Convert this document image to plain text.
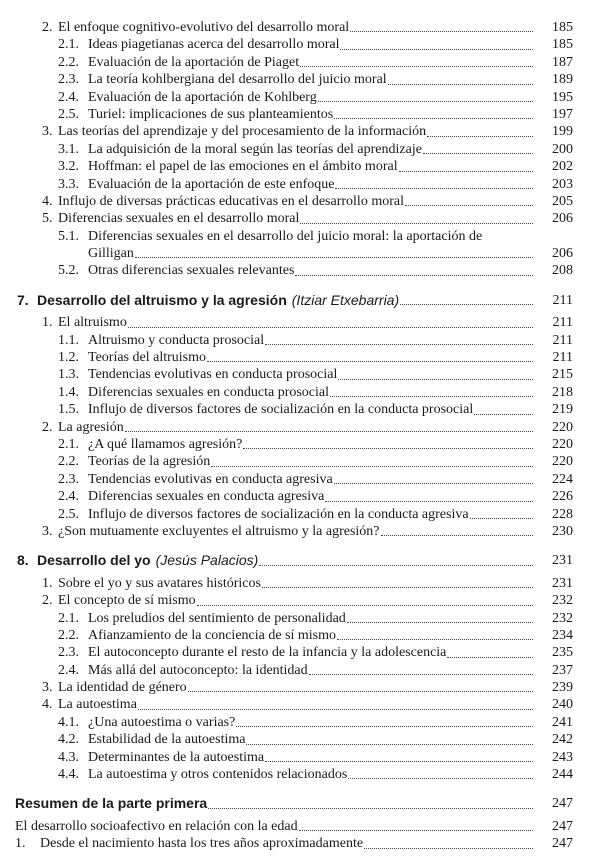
2. El enfoque cognitivo-evolutivo del desarrollo moral	185
2.1. Ideas piagetianas acerca del desarrollo moral	185
2.2. Evaluación de la aportación de Piaget	187
2.3. La teoría kohlbergiana del desarrollo del juicio moral	189
2.4. Evaluación de la aportación de Kohlberg	195
2.5. Turiel: implicaciones de sus planteamientos	197
3. Las teorías del aprendizaje y del procesamiento de la información	199
3.1. La adquisición de la moral según las teorías del aprendizaje	200
3.2. Hoffman: el papel de las emociones en el ámbito moral	202
3.3. Evaluación de la aportación de este enfoque	203
4. Influjo de diversas prácticas educativas en el desarrollo moral	205
5. Diferencias sexuales en el desarrollo moral	206
5.1. Diferencias sexuales en el desarrollo del juicio moral: la aportación de
Gilligan	206
5.2. Otras diferencias sexuales relevantes	208
7. Desarrollo del altruismo y la agresión (Itziar Etxebarria)	211
1. El altruismo	211
1.1. Altruismo y conducta prosocial	211
1.2. Teorías del altruismo	211
1.3. Tendencias evolutivas en conducta prosocial	215
1.4. Diferencias sexuales en conducta prosocial	218
1.5. Influjo de diversos factores de socialización en la conducta prosocial	219
2. La agresión	220
2.1. ¿A qué llamamos agresión?	220
2.2. Teorías de la agresión	220
2.3. Tendencias evolutivas en conducta agresiva	224
2.4. Diferencias sexuales en conducta agresiva	226
2.5. Influjo de diversos factores de socialización en la conducta agresiva	228
3. ¿Son mutuamente excluyentes el altruismo y la agresión?	230
8. Desarrollo del yo (Jesús Palacios)	231
1. Sobre el yo y sus avatares históricos	231
2. El concepto de sí mismo	232
2.1. Los preludios del sentimiento de personalidad	232
2.2. Afianzamiento de la conciencia de sí mismo	234
2.3. El autoconcepto durante el resto de la infancia y la adolescencia	235
2.4. Más allá del autoconcepto: la identidad	237
3. La identidad de género	239
4. La autoestima	240
4.1. ¿Una autoestima o varias?	241
4.2. Estabilidad de la autoestima	242
4.3. Determinantes de la autoestima	243
4.4. La autoestima y otros contenidos relacionados	244
Resumen de la parte primera	247
El desarrollo socioafectivo en relación con la edad	247
1. Desde el nacimiento hasta los tres años aproximadamente	247
